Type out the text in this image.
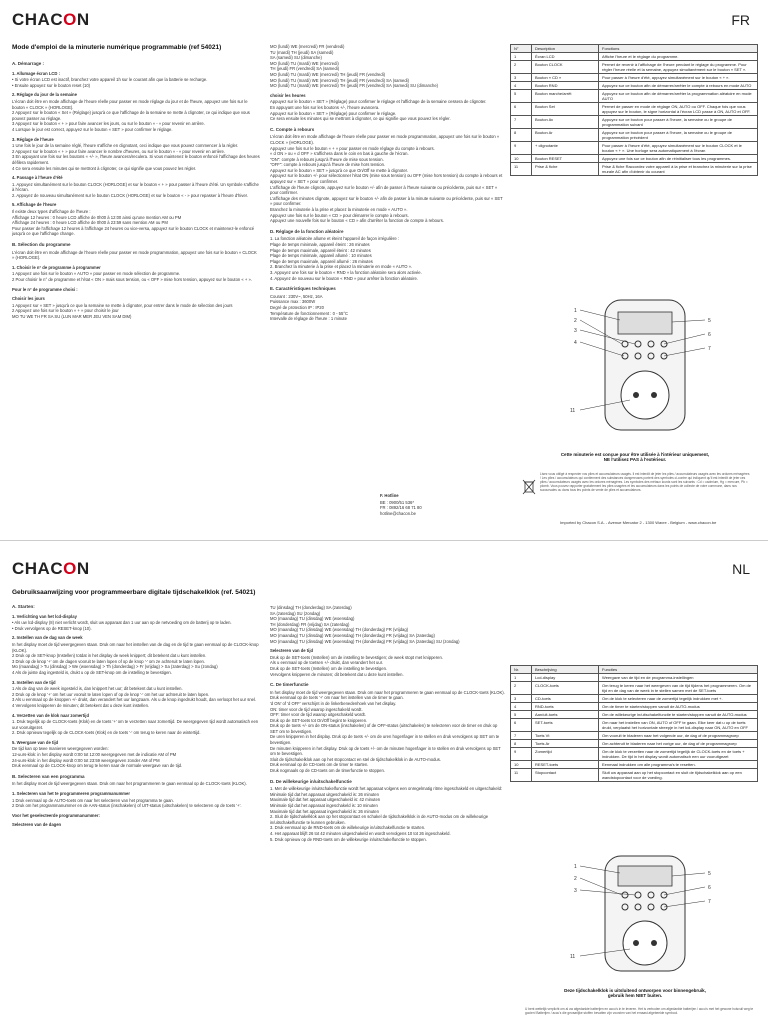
CHACON	FR
Mode d'emploi de la minuterie numérique programmable (ref 54021)
A. Démarrage :
1. Allumage écran LCD :
• Si votre écran LCD est inactif, branchez votre appareil 1h sur le courant afin que la batterie se recharge.
• Ensuite appuyez sur le bouton reset (10)
2. Réglage du jour de la semaine
L'écran doit être en mode affichage de l'heure réelle pour passer en mode réglage du jour et de l'heure, appuyez une fois sur le bouton « CLOCK » (HORLOGE).
2 Appuyez sur le bouton « Set » (Réglage) jusqu'à ce que l'affichage de la semaine se mette à clignoter, ce qui indique que vous pouvez passer au réglage.
3 Appuyez sur le bouton « + » pour faire avancer les jours, ou sur le bouton « - » pour revenir en arrière.
4 Lorsque le jour est correct, appuyez sur le bouton « SET » pour confirmer le réglage.
3. Réglage de l'heure
1 Une fois le jour de la semaine réglé, l'heure s'affiche en clignotant, ceci indique que vous pouvez commencer à la régler.
2 Appuyez sur le bouton « + » pour faire avancer le nombre d'heures, ou sur le bouton « - » pour revenir en arrière.
3 En appuyant une fois sur les boutons « +/- », l'heure avancera/reculera. Si vous maintenez le bouton enfoncé l'affichage des heures défilera rapidement.
4 Ce sera ensuite les minutes qui se mettront à clignoter, ce qui signifie que vous pouvez les régler.
4. Passage à l'heure d'été
1. Appuyez simultanément sur le bouton CLOCK (HORLOGE) et sur le bouton « + » pour passer à l'heure d'été. Un symbole s'affiche à l'écran.
2. Appuyez de nouveau simultanément sur le bouton CLOCK (HORLOGE) et sur le bouton « - » pour repasser à l'heure d'hiver.
5. Affichage de l'heure
Il existe deux types d'affichage de l'heure :
Affichage 12 heures : 0 heure LCD affiche de 0h00 à 12:00 ainsi qu'une mention AM ou PM
Affichage 24 heures : 0 heure LCD affiche de 0h00 à 23:59 sans mention AM ou PM
Pour passer de l'affichage 12 heures à l'affichage 24 heures ou vice-versa, appuyez sur le bouton CLOCK et maintenez-le enfoncé jusqu'à ce que l'affichage change.
B. Sélection du programme
L'écran doit être en mode affichage de l'heure réelle pour passer en mode programmation, appuyez une fois sur le bouton « CLOCK » (HORLOGE).
1. Choisir le n° de programme à programmer
1 Appuyez une fois sur le bouton « AUTO » pour passer en mode sélection de programme.
2 Pour choisir le n° de programme et l'état « ON » mais sous tension, ou « OFF » mise hors tension, appuyez sur le bouton « + ».
Pour le n° de programme choisi :
Choisir les jours
1 Appuyez sur « SET » jusqu'à ce que la semaine se mette à clignoter, pour entrer dans le mode de sélection des jours
2 Appuyez une fois sur le bouton « + » pour choisir le jour
MO TU WE TH FR SA SU (LUN MAR MER JEU VEN SAM DIM)
MO (lundi) WE (mercredi) FR (vendredi)
TU (mardi) TH (jeudi) SA (samedi)
SA (samedi) SU (dimanche)
MO (lundi) TU (mardi) WE (mercredi)
TH (jeudi) FR (vendredi) SA (samedi)
MO (lundi) TU (mardi) WE (mercredi) TH (jeudi) FR (vendredi)
MO (lundi) TU (mardi) WE (mercredi) TH (jeudi) FR (vendredi) SA (samedi)
MO (lundi) TU (mardi) WE (mercredi) TH (jeudi) FR (vendredi) SA (samedi) SU (dimanche)
choisir les heures
Appuyez sur le bouton « SET » (Réglage) pour confirmer le réglage et l'affichage de la semaine cessera de clignoter.
En appuyant une fois sur les boutons +/-, l'heure avancera.
Appuyez sur le bouton « SET » (Réglage) pour confirmer le réglage.
Ce sera ensuite les minutes qui se mettront à clignoter, ce qui signifie que vous pouvez les régler.
C. Compte à rebours
L'écran doit être en mode affichage de l'heure réelle pour passer en mode programmation, appuyez une fois sur le bouton « CLOCK » (HORLOGE).
Appuyez une fois sur le bouton « + » pour passer en mode réglage du compte à rebours.
« d ON » ou « d OFF » s'affichera dans le coin en bas à gauche de l'écran.
"ON": compte à rebours jusqu'à l'heure de mise sous tension.
"OFF": compte à rebours jusqu'à l'heure de mise hors tension.
Appuyez sur le bouton « SET » jusqu'à ce que On/Off se mette à clignoter.
Appuyez sur le bouton +/- pour sélectionner l'état ON (mise sous tension) ou OFF (mise hors tension) du compte à rebours et appuyez sur « SET » pour confirmer.
L'affichage de l'heure clignote, appuyez sur le bouton +/- afin de passer à l'heure suivante ou précédente, puis sur « SET » pour confirmer.
L'affichage des minutes clignote, appuyez sur le bouton +/- afin de passer à la minute suivante ou précédente, puis sur « SET » pour confirmer.
Branchez la minuterie à la prise et placez la minuterie en mode « AUTO ».
Appuyez une fois sur le bouton « CD » pour démarrer le compte à rebours.
Appuyez une nouvelle fois sur le bouton « CD » afin d'arrêter la fonction de compte à rebours.
D. Réglage de la fonction aléatoire
1. La fonction aléatoire allume et éteint l'appareil de façon irrégulière :
Plage de temps minimale, appareil éteint : 26 minutes
Plage de temps maximale, appareil éteint : 42 minutes
Plage de temps minimale, appareil allumé : 10 minutes
Plage de temps maximale, appareil allumé : 26 minutes
2. Branchez la minuterie à la prise et placez la minuterie en mode « AUTO ».
3. Appuyez une fois sur le bouton « RND » la fonction aléatoire sera alors activée.
4. Appuyez de nouveau sur le bouton « RND » pour arrêter la fonction aléatoire.
E. Caractéristiques techniques
Courant : 230V~, 50Hz, 16A
Puissance max : 3600W
Degré de protection IP : IP20
Température de fonctionnement : 0 - 55°C
Intervalle de réglage de l'heure : 1 minute
F. Hotline
BE : 0900/51 536*
FR : 0892/16 68 71 80
hotline@chacon.be
N°	Description	Fonctions
1	Écran LCD	Affiche l'heure et le réglage du programme.
2	Bouton CLOCK	Permet de revenir à l'affichage de l'heure pendant le réglage du programme. Pour régler l'heure réelle et la semaine, appuyez simultanément sur le bouton « SET ».
3	Bouton « CD »	Pour passer à l'heure d'été, appuyez simultanément sur le bouton « + ».
4	Bouton RND	Appuyez sur ce bouton afin de démarrer/arrêter le compte à rebours en mode AUTO
5	Bouton marche/arrêt	Appuyez sur ce bouton afin de démarrer/arrêter la programmation aléatoire en mode AUTO
6	Bouton Set	Permet de passer en mode de réglage ON, AUTO ou OFF. Chaque fois que vous appuyez sur le bouton, le signe horizontal à l'écran LCD passe à ON, AUTO et OFF.
7	Bouton Av	Appuyez sur ce bouton pour passer à l'heure, la semaine ou le groupe de programmation suivant
8	Bouton Ar	Appuyez sur ce bouton pour passer à l'heure, la semaine ou le groupe de programmation précédent
9	+ clignotante	Pour passer à l'heure d'été, appuyez simultanément sur le bouton CLOCK et le bouton « + ». Une horloge sera automatiquement à l'écran
10	Bouton RESET	Appuyez une fois sur ce bouton afin de réinitialiser tous les programmes.
11	Prise & fiche	Prise & fiche Raccordez votre appareil à la prise et branchez la minuterie sur la prise murale AC afin d'obtenir du courant
1
2
3
4
5
6
7
11
Cette minuterie est conçue pour être utilisée à l'intérieur uniquement,
NE l'utilisez PAS à l'extérieur.
Lisez vous obligé à respecter vos piles et accumulateurs usagés. Il est interdit de jeter les piles / accumulateurs usagés avec les ordures ménagères ! Les piles / accumulateurs qui contiennent des substances dangereuses portent des symboles ci-contre qui indiquent qu'il est interdit de jeter ces piles / accumulateurs usagés avec les ordures ménagères. Les symboles des métaux lourds sont les suivants : Cd = cadmium, Hg = mercure, Pb = plomb. Vous pouvez rapporter gratuitement les piles usagées et les accumulateurs dans les points de collecte de votre commune, dans nos succursales ou dans tous les points de vente de piles et accumulateurs.
Imported by Chacon S.A. - Avenue Mercator 2 - 1300 Wavre - Belgium - www.chacon.be
CHACON	NL
Gebruiksaanwijzing voor programmeerbare digitale tijdschakelklok (ref. 54021)
A. Starten:
1. Verlichting van het lcd-display
• Als uw lcd-display (8) niet verlicht wordt, sluit uw apparaat dan 1 uur aan op de netvoeding om de batterij op te laden.
• Druk vervolgens op de RESET-knop (10).
2. Instellen van de dag van de week
In het display moet de tijd weergegeven staan. Druk om naar het instellen van de dag en de tijd te gaan eenmaal op de CLOCK-knop (KLOK).
2 Druk op de SET-knop (Instellen) totdat in het display de week knippert; dit betekent dat u kunt instellen.
3 Druk op de knop '+' om de dagen vooruit te laten lopen of op de knop '-' om ze achteruit te laten lopen.
Mo (maandag) > Tu (dinsdag) > We (woensdag) > Th (donderdag) > Fr (vrijdag) > Sa (zaterdag) > Su (zondag)
4 Als de juiste dag ingesteld is, drukt u op de SET-knop om de instelling te bevestigen.
3. Instellen van de tijd
1 Als de dag van de week ingesteld is, dan knippert het uur; dit betekent dat u kunt instellen.
2 Druk op de knop '+' om het uur vooruit te laten lopen of op de knop '-' om het uur achteruit te laten lopen.
3 Als u eenmaal op de knoppen +/- drukt, dan verandert het uur langzaam. Als u de knop ingedrukt houdt, dan verloopt het uur snel.
4 Vervolgens knipperen de minuten; dit betekent dat u deze kunt instellen.
4. Verzetten van de klok naar zomertijd
1. Druk tegelijk op de CLOCK-toets (Klok) en de toets '+' om te verzetten naar zomertijd. De weergegeven tijd wordt automatisch een uur vooruitgezet.
2. Druk opnieuw tegelijk op de CLOCK-toets (Klok) en de toets '-' om terug te keren naar de wintertijd.
5. Weergave van de tijd
De tijd kan op twee manieren weergegeven worden:
12-uurs-klok: in het display wordt 0:00 tot 12:00 weergegeven met de indicatie AM of PM
24-uurs-klok: in het display wordt 0:00 tot 23:59 weergegeven zonder AM of PM
Druk eenmaal op de CLOCK-knop om terug te keren naar de normale weergave van de tijd.
B. Selecteren van een programma
In het display moet de tijd weergegeven staan. Druk om naar het programmeren te gaan eenmaal op de CLOCK-toets (KLOK).
1. Selecteren van het te programmeren programmanummer
1 Druk eenmaal op de AUTO-toets om naar het selecteren van het programma te gaan.
2 Druk om het programmanummer en de AAN-status (inschakelen) of UIT-status (uitschakelen) te selecteren op de toets '+'.
Voor het geselecteerde programmanummer:
Selecteren van de dagen
TU (dinsdag) TH (donderdag) SA (zaterdag)
SA (zaterdag) SU (zondag)
MO (maandag) TU (dinsdag) WE (woensdag)
TH (donderdag) FR (vrijdag) SA (zaterdag)
MO (maandag) TU (dinsdag) WE (woensdag) TH (donderdag) FR (vrijdag)
MO (maandag) TU (dinsdag) WE (woensdag) TH (donderdag) FR (vrijdag) SA (zaterdag)
MO (maandag) TU (dinsdag) WE (woensdag) TH (donderdag) FR (vrijdag) SA (zaterdag) SU (zondag)
Selecteren van de tijd
Druk op de SET-toets (Instellen) om de instelling te bevestigen; de week stopt met knipperen.
Als u eenmaal op de toetsen +/- drukt, dan verandert het uur.
Druk op de SET-toets (Instellen) om de instelling te bevestigen.
Vervolgens knipperen de minuten; dit betekent dat u deze kunt instellen.
C. De timerfunctie
In het display moet de tijd weergegeven staan. Druk om naar het programmeren te gaan eenmaal op de CLOCK-toets (KLOK).
Druk eenmaal op de toets '+' om naar het instellen van de timer te gaan.
'd ON' of 'd OFF' verschijnt in de linkerbenedenhoek van het display.
ON: timer voor de tijd waarop ingeschakeld wordt.
OFF: timer voor de tijd waarop uitgeschakeld wordt.
Druk op de SET-toets tot On/Off begint te knipperen.
Druk op de toets +/- om de ON-status (inschakelen) of de OFF-status (uitschakelen) te selecteren voor de timer en druk op SET om te bevestigen.
De uren knipperen in het display. Druk op de toets +/- om de uren hoger/lager in te stellen en druk vervolgens op SET om te bevestigen.
De minuten knipperen in het display. Druk op de toets +/- om de minuten hoger/lager in te stellen en druk vervolgens op SET om te bevestigen.
Sluit de tijdschakelklok aan op het stopcontact en stel de tijdschakelklok in de AUTO-modus.
Druk eenmaal op de CD-toets om de timer te starten.
Druk nogmaals op de CD-toets om de timerfunctie te stoppen.
D. De willekeurige in/uitschakelfunctie
1. Met de willekeurige in/uitschakelfunctie wordt het apparaat volgens een onregelmatig ritme ingeschakeld en uitgeschakeld:
Minimale tijd dat het apparaat uitgeschakeld is: 26 minuten
Maximale tijd dat het apparaat uitgeschakeld is: 42 minuten
Minimale tijd dat het apparaat ingeschakeld is: 10 minuten
Maximale tijd dat het apparaat ingeschakeld is: 26 minuten
2. Sluit de tijdschakelklok aan op het stopcontact en schakel de tijdschakelklok in de AUTO-modus om de willekeurige in/uitschakelfunctie te kunnen gebruiken.
3. Druk eenmaal op de RND-toets om de willekeurige in/uitschakelfunctie te starten.
4. Het apparaat blijft 26 tot 42 minuten uitgeschakeld en wordt vervolgens 10 tot 26 ingeschakeld.
5. Druk opnieuw op de RND-toets om de willekeurige in/uitschakelfunctie te stoppen.
Nr.	Beschrijving	Functies
1	Lcd-display	Weergave van de tijd en de programma-instellingen
2	CLOCK-toets	Om terug te keren naar het weergeven van de tijd tijdens het programmeren. Om de tijd en de dag van de week in te stellen samen met de SET-toets
3	CD-toets	Om de klok te selecteren naar de zomertijd tegelijk indrukken met +.
4	RND-toets	Om de timer te starten/stoppen vanuit de AUTO-modus
5	Aan/uit-toets	Om de willekeurige in/uitschakelfunctie te starten/stoppen vanuit de AUTO-modus
6	SET-toets	Om naar het instellen van ON, AUTO of OFF te gaan. Elke keer dat u op de toets drukt, verplaatst het horizontale streepje in het lcd-display naar ON, AUTO en OFF
7	Toets Vt	Om vooruit te bladeren naar het volgende uur, de dag of de programmagroep
8	Toets Ar	Om achteruit te bladeren naar het vorige uur, de dag of de programmagroep
9	Zomertijd	Om de klok te verzetten naar de zomertijd tegelijk de CLOCK-toets en de toets + indrukken. De tijd in het display wordt automatisch een uur vooruitgezet
10	RESET-toets	Eenmaal indrukken om alle programma's te resetten.
11	Stopcontact	Sluit uw apparaat aan op het stopcontact en sluit de tijdschakelklok aan op een wandstopcontact voor de voeding.
1
2
3
5
6
7
11
Deze tijdschakelklok is uitsluitend ontworpen voor binnengebruik,
gebruik hem NIET buiten.
U bent wettelijk verplicht om al uw afgedankte batterijen en accu's in te leveren. Het is verboden om afgedankte batterijen / accu's met het gewone huisvuil weg te gooien! Batterijen / accu's die gevaarlijke stoffen bevatten zijn voorzien van het ernaast afgebeelde symbool.
